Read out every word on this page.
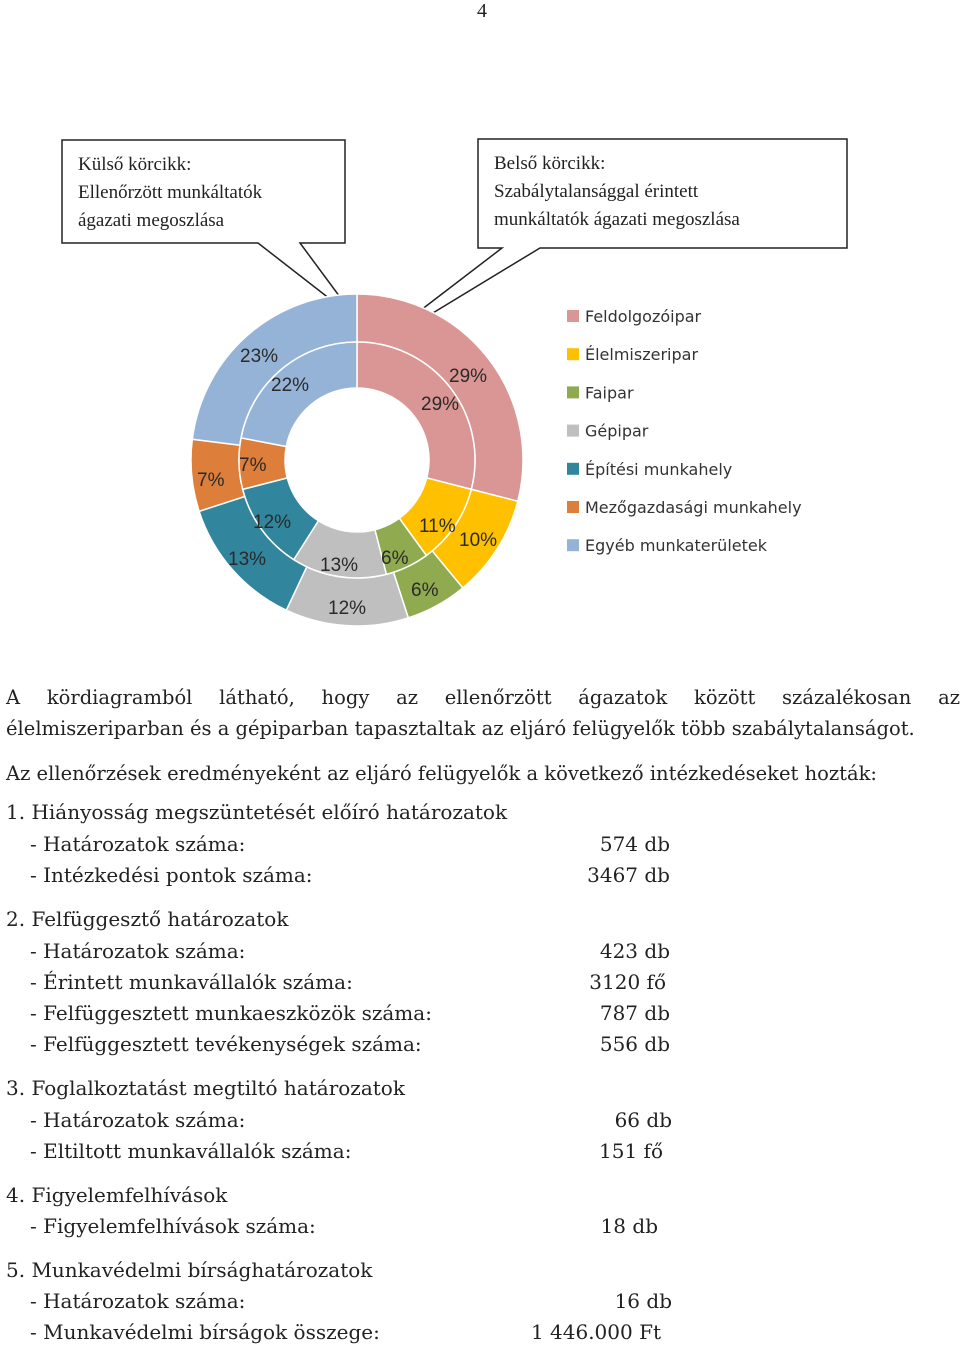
4
Külső körcikk:
Ellenőrzött munkáltatók
ágazati megoszlása
Belső körcikk:
Szabálytalansággal érintett
munkáltatók ágazati megoszlása
29%
10%
6%
12%
13%
7%
23%
29%
11%
6%
13%
12%
7%
22%
Feldolgozóipar
Élelmiszeripar
Faipar
Gépipar
Építési munkahely
Mezőgazdasági munkahely
Egyéb munkaterületek
A kördiagramból látható, hogy az ellenőrzött ágazatok között százalékosan az
élelmiszeriparban és a gépiparban tapasztaltak az eljáró felügyelők több szabálytalanságot.
Az ellenőrzések eredményeként az eljáró felügyelők a következő intézkedéseket hozták:
1. Hiányosság megszüntetését előíró határozatok
- Határozatok száma:	574 db
- Intézkedési pontok száma:	3467 db
2. Felfüggesztő határozatok
- Határozatok száma:	423 db
- Érintett munkavállalók száma:	3120 fő
- Felfüggesztett munkaeszközök száma:	787 db
- Felfüggesztett tevékenységek száma:	556 db
3. Foglalkoztatást megtiltó határozatok
- Határozatok száma:	66 db
- Eltiltott munkavállalók száma:	151 fő
4. Figyelemfelhívások
- Figyelemfelhívások száma:	18 db
5. Munkavédelmi bírsághatározatok
- Határozatok száma:	16 db
- Munkavédelmi bírságok összege:	1 446.000 Ft
